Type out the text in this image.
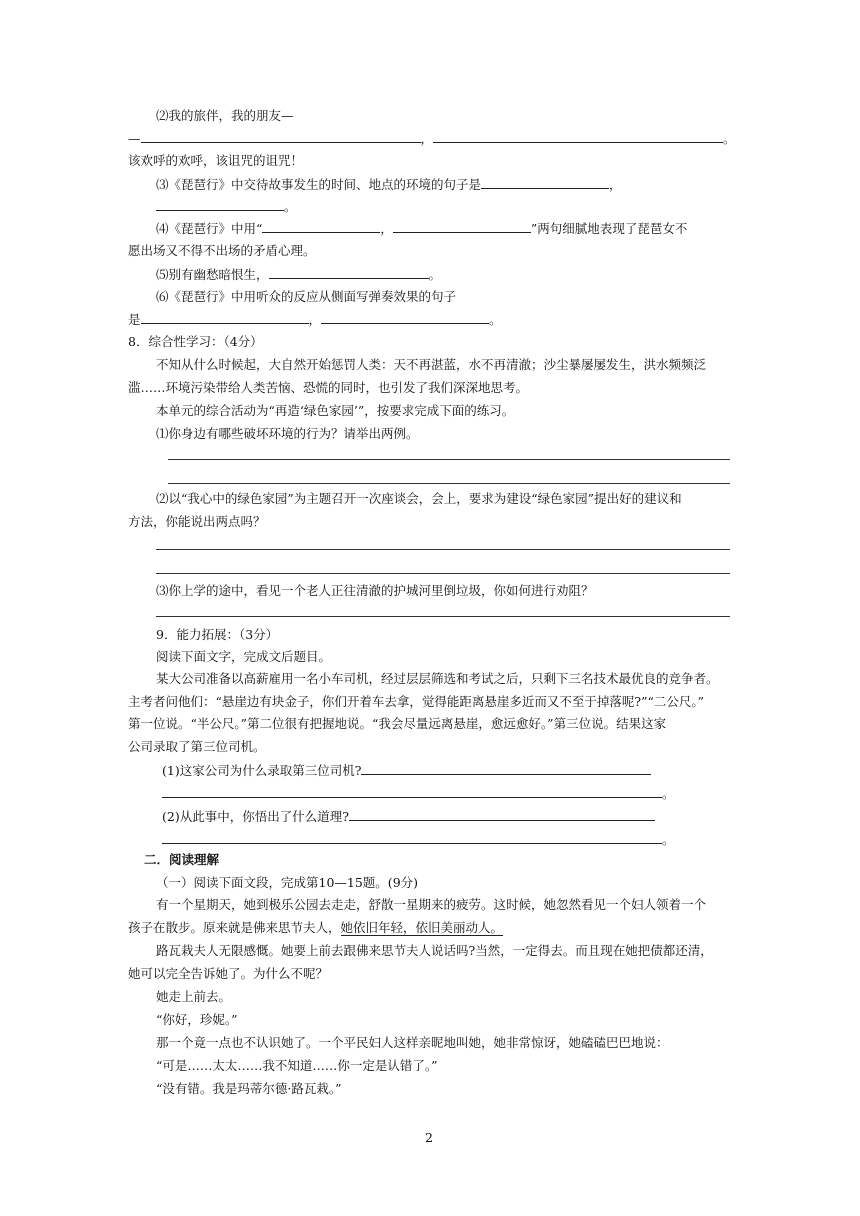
⑵我的旅伴，我的朋友—
—	，	。
该欢呼的欢呼，该诅咒的诅咒！
⑶《琵琶行》中交待故事发生的时间、地点的环境的句子是	，
。
⑷《琵琶行》中用“	，	”两句细腻地表现了琵琶女不
愿出场又不得不出场的矛盾心理。
⑸别有幽愁暗恨生，	。
⑹《琵琶行》中用听众的反应从侧面写弹奏效果的句子
是	，	。
8．综合性学习：（4分）
不知从什么时候起，大自然开始惩罚人类：天不再湛蓝，水不再清澈；沙尘暴屡屡发生，洪水频频泛
滥……环境污染带给人类苦恼、恐慌的同时，也引发了我们深深地思考。
本单元的综合活动为“再造‘绿色家园’”，按要求完成下面的练习。
⑴你身边有哪些破坏环境的行为？请举出两例。
⑵以“我心中的绿色家园”为主题召开一次座谈会，会上，要求为建设“绿色家园”提出好的建议和
方法，你能说出两点吗？
⑶你上学的途中，看见一个老人正往清澈的护城河里倒垃圾，你如何进行劝阻？
9．能力拓展：（3分）
阅读下面文字，完成文后题目。
某大公司准备以高薪雇用一名小车司机，经过层层筛选和考试之后，只剩下三名技术最优良的竞争者。
主考者问他们：“悬崖边有块金子，你们开着车去拿，觉得能距离悬崖多近而又不至于掉落呢?”“二公尺。”
第一位说。“半公尺。”第二位很有把握地说。“我会尽量远离悬崖，愈远愈好。”第三位说。结果这家
公司录取了第三位司机。
(1)这家公司为什么录取第三位司机?
。
(2)从此事中，你悟出了什么道理?
。
二．阅读理解
（一）阅读下面文段，完成第10—15题。(9分)
有一个星期天，她到极乐公园去走走，舒散一星期来的疲劳。这时候，她忽然看见一个妇人领着一个
孩子在散步。原来就是佛来思节夫人，她依旧年轻，依旧美丽动人。
路瓦栽夫人无限感慨。她要上前去跟佛来思节夫人说话吗?当然，一定得去。而且现在她把债都还清，
她可以完全告诉她了。为什么不呢？
她走上前去。
“你好，珍妮。”
那一个竟一点也不认识她了。一个平民妇人这样亲昵地叫她，她非常惊讶，她磕磕巴巴地说：
“可是……太太……我不知道……你一定是认错了。”
“没有错。我是玛蒂尔德·路瓦栽。”
2
